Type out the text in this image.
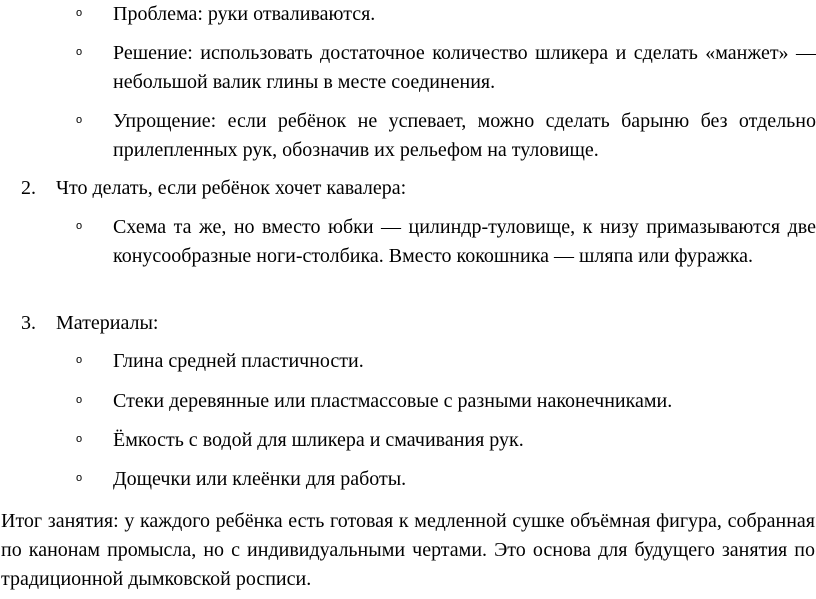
o Проблема: руки отваливаются.
o Решение: использовать достаточное количество шликера и сделать «манжет» — небольшой валик глины в месте соединения.
o Упрощение: если ребёнок не успевает, можно сделать барыню без отдельно прилепленных рук, обозначив их рельефом на туловище.
2. Что делать, если ребёнок хочет кавалера:
o Схема та же, но вместо юбки — цилиндр-туловище, к низу примазываются две конусообразные ноги-столбика. Вместо кокошника — шляпа или фуражка.
3. Материалы:
o Глина средней пластичности.
o Стеки деревянные или пластмассовые с разными наконечниками.
o Ёмкость с водой для шликера и смачивания рук.
o Дощечки или клеёнки для работы.
Итог занятия: у каждого ребёнка есть готовая к медленной сушке объёмная фигура, собранная по канонам промысла, но с индивидуальными чертами. Это основа для будущего занятия по традиционной дымковской росписи.
